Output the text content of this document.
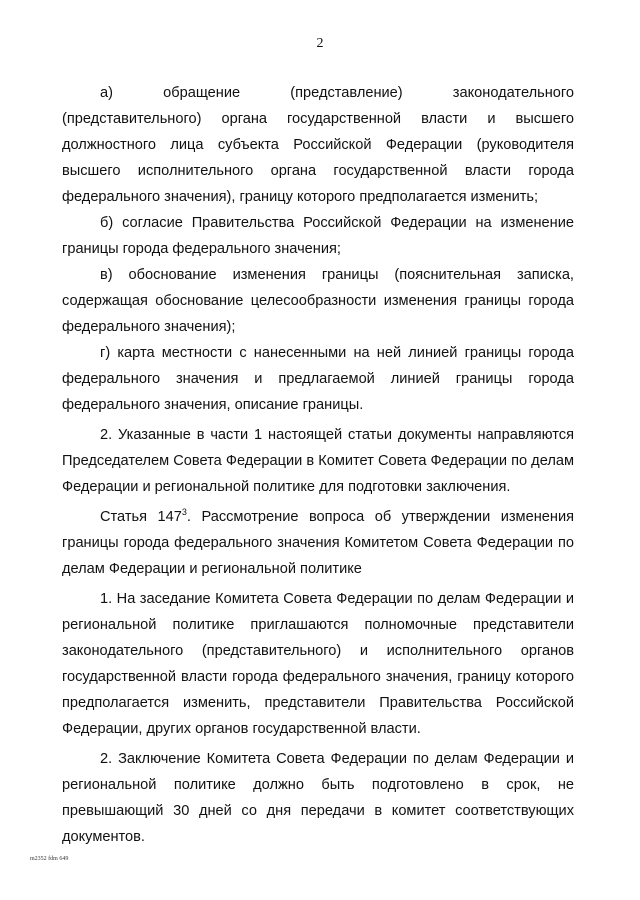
2

а) обращение (представление) законодательного

(представительного) органа государственной власти и высшего должностного лица субъекта Российской Федерации (руководителя высшего исполнительного органа государственной власти города федерального значения), границу которого предполагается изменить;

б) согласие Правительства Российской Федерации на изменение границы города федерального значения;

в) обоснование изменения границы (пояснительная записка, содержащая обоснование целесообразности изменения границы города федерального значения);

г) карта местности с нанесенными на ней линией границы города федерального значения и предлагаемой линией границы города федерального значения, описание границы.

2. Указанные в части 1 настоящей статьи документы направляются Председателем Совета Федерации в Комитет Совета Федерации по делам Федерации и региональной политике для подготовки заключения.

Статья $147^3$. Рассмотрение вопроса об утверждении изменения границы города федерального значения Комитетом Совета Федерации по делам Федерации и региональной политике

1. На заседание Комитета Совета Федерации по делам Федерации и региональной политике приглашаются полномочные представители законодательного (представительного) и исполнительного органов государственной власти города федерального значения, границу которого предполагается изменить, представители Правительства Российской Федерации, других органов государственной власти.

2. Заключение Комитета Совета Федерации по делам Федерации и региональной политике должно быть подготовлено в срок, не превышающий 30 дней со дня передачи в комитет соответствующих документов.

m2352 fdm 649
